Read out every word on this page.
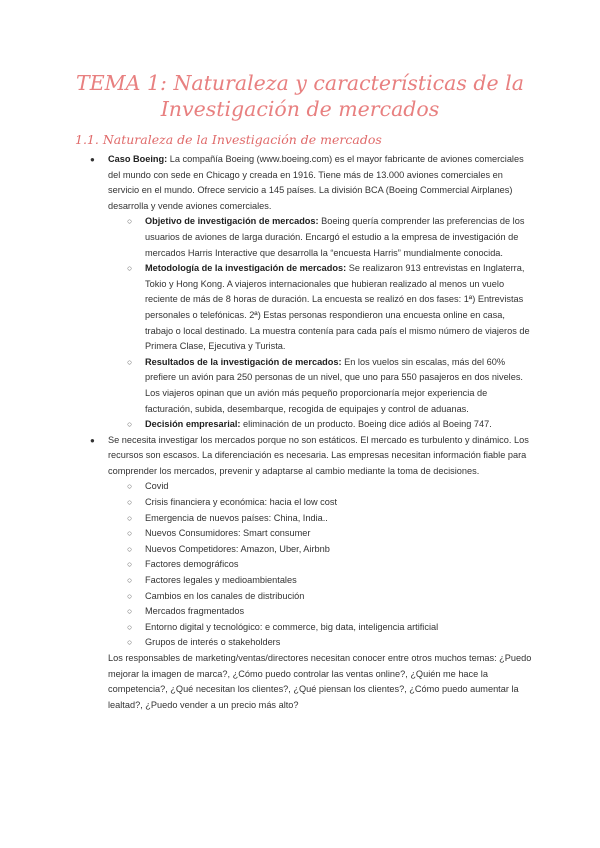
TEMA 1: Naturaleza y características de la Investigación de mercados
1.1. Naturaleza de la Investigación de mercados
● Caso Boeing: La compañía Boeing (www.boeing.com) es el mayor fabricante de aviones comerciales del mundo con sede en Chicago y creada en 1916. Tiene más de 13.000 aviones comerciales en servicio en el mundo. Ofrece servicio a 145 países. La división BCA (Boeing Commercial Airplanes) desarrolla y vende aviones comerciales.
○ Objetivo de investigación de mercados: Boeing quería comprender las preferencias de los usuarios de aviones de larga duración. Encargó el estudio a la empresa de investigación de mercados Harris Interactive que desarrolla la “encuesta Harris” mundialmente conocida.
○ Metodología de la investigación de mercados: Se realizaron 913 entrevistas en Inglaterra, Tokio y Hong Kong. A viajeros internacionales que hubieran realizado al menos un vuelo reciente de más de 8 horas de duración. La encuesta se realizó en dos fases: 1ª) Entrevistas personales o telefónicas. 2ª) Estas personas respondieron una encuesta online en casa, trabajo o local destinado. La muestra contenía para cada país el mismo número de viajeros de Primera Clase, Ejecutiva y Turista.
○ Resultados de la investigación de mercados: En los vuelos sin escalas, más del 60% prefiere un avión para 250 personas de un nivel, que uno para 550 pasajeros en dos niveles. Los viajeros opinan que un avión más pequeño proporcionaría mejor experiencia de facturación, subida, desembarque, recogida de equipajes y control de aduanas.
○ Decisión empresarial: eliminación de un producto. Boeing dice adiós al Boeing 747.
● Se necesita investigar los mercados porque no son estáticos. El mercado es turbulento y dinámico. Los recursos son escasos. La diferenciación es necesaria. Las empresas necesitan información fiable para comprender los mercados, prevenir y adaptarse al cambio mediante la toma de decisiones.
○ Covid
○ Crisis financiera y económica: hacia el low cost
○ Emergencia de nuevos países: China, India..
○ Nuevos Consumidores: Smart consumer
○ Nuevos Competidores: Amazon, Uber, Airbnb
○ Factores demográficos
○ Factores legales y medioambientales
○ Cambios en los canales de distribución
○ Mercados fragmentados
○ Entorno digital y tecnológico: e commerce, big data, inteligencia artificial
○ Grupos de interés o stakeholders

Los responsables de marketing/ventas/directores necesitan conocer entre otros muchos temas: ¿Puedo mejorar la imagen de marca?, ¿Cómo puedo controlar las ventas online?, ¿Quién me hace la competencia?, ¿Qué necesitan los clientes?, ¿Qué piensan los clientes?, ¿Cómo puedo aumentar la lealtad?, ¿Puedo vender a un precio más alto?
